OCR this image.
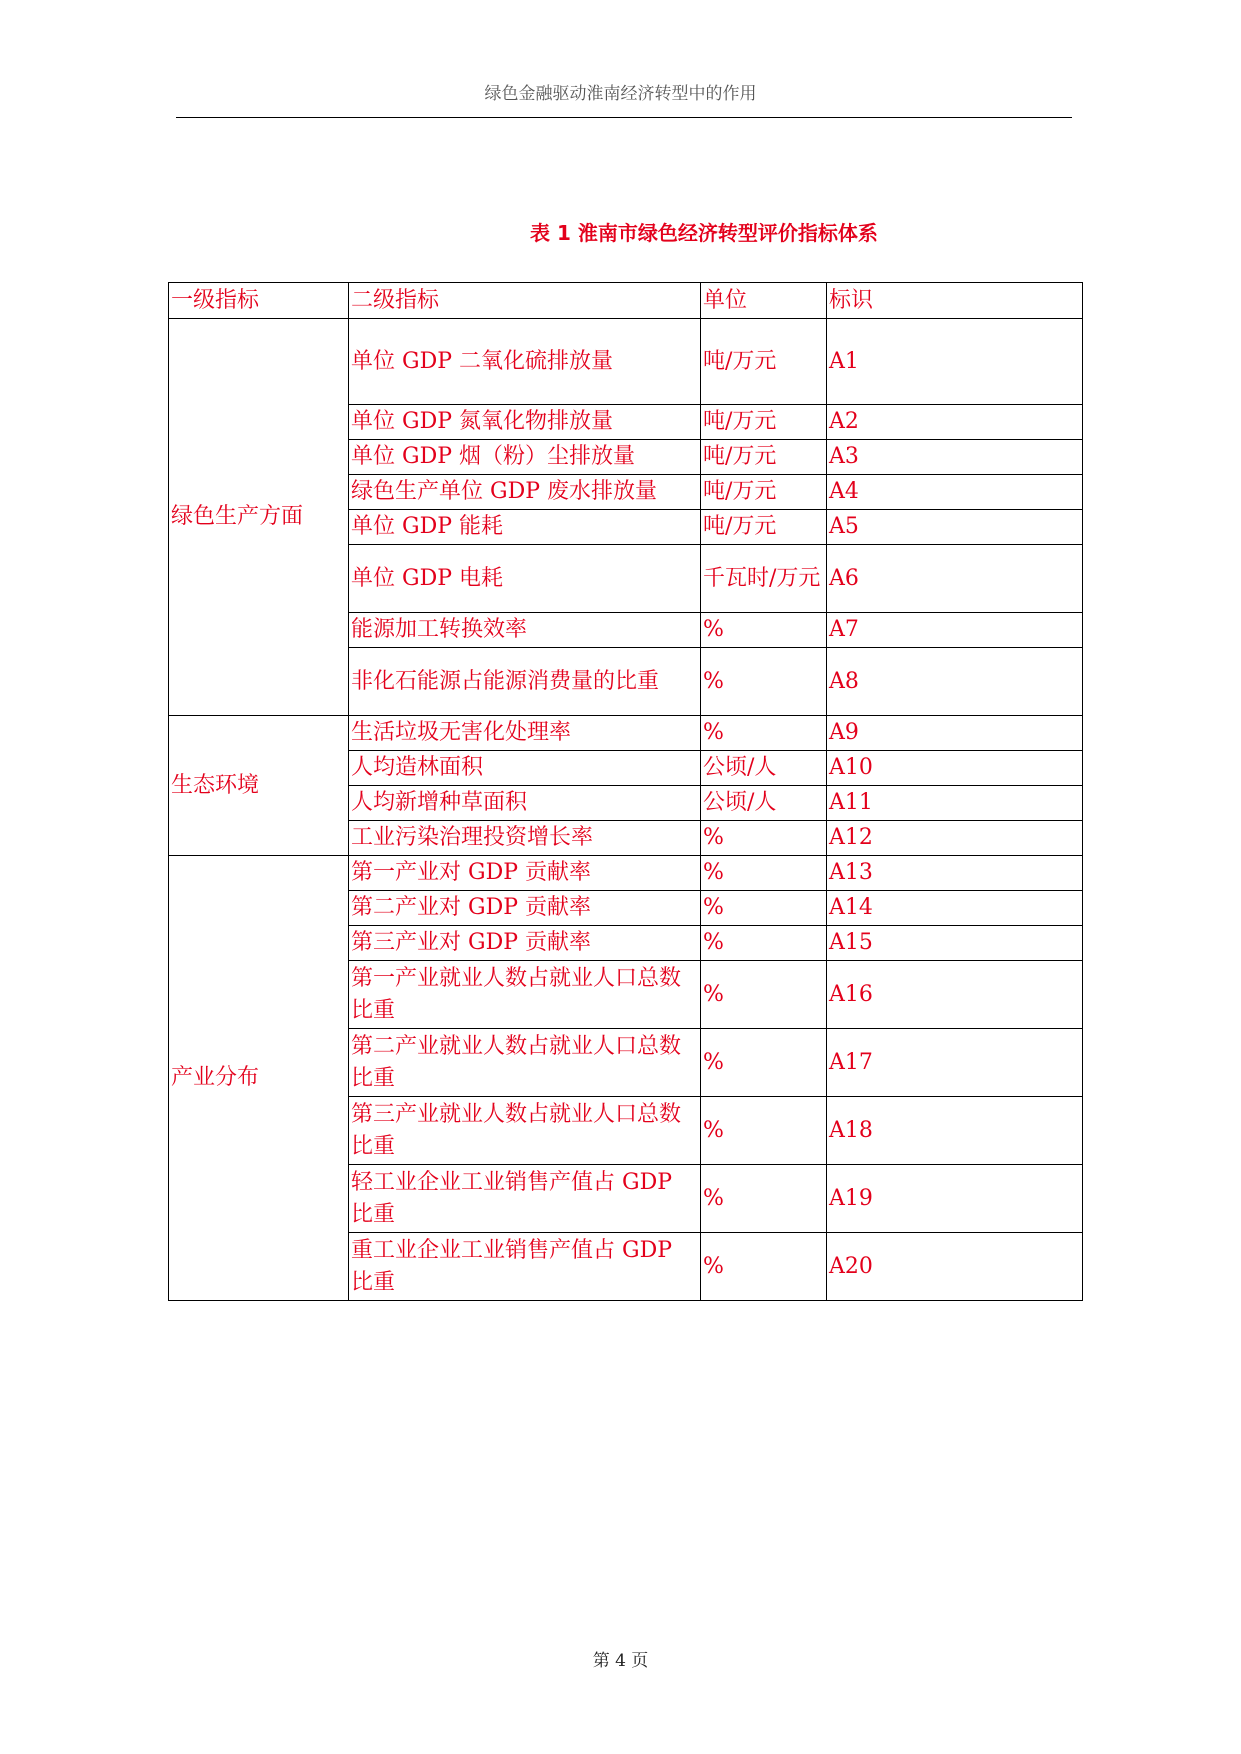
绿色金融驱动淮南经济转型中的作用
表 1 淮南市绿色经济转型评价指标体系
一级指标	二级指标	单位	标识
绿色生产方面	单位 GDP 二氧化硫排放量	吨/万元	A1
	单位 GDP 氮氧化物排放量	吨/万元	A2
	单位 GDP 烟（粉）尘排放量	吨/万元	A3
	绿色生产单位 GDP 废水排放量	吨/万元	A4
	单位 GDP 能耗	吨/万元	A5
	单位 GDP 电耗	千瓦时/万元	A6
	能源加工转换效率	%	A7
	非化石能源占能源消费量的比重	%	A8
生态环境	生活垃圾无害化处理率	%	A9
	人均造林面积	公顷/人	A10
	人均新增种草面积	公顷/人	A11
	工业污染治理投资增长率	%	A12
产业分布	第一产业对 GDP 贡献率	%	A13
	第二产业对 GDP 贡献率	%	A14
	第三产业对 GDP 贡献率	%	A15
	第一产业就业人数占就业人口总数比重	%	A16
	第二产业就业人数占就业人口总数比重	%	A17
	第三产业就业人数占就业人口总数比重	%	A18
	轻工业企业工业销售产值占 GDP 比重	%	A19
	重工业企业工业销售产值占 GDP 比重	%	A20
第 4 页
